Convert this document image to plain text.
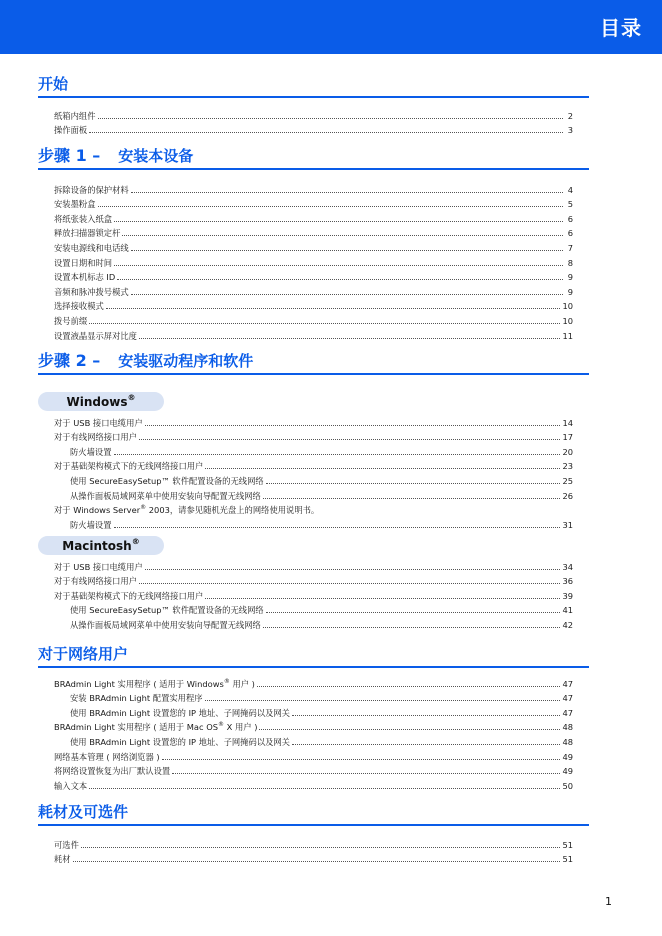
目录
开始
纸箱内组件	2
操作面板	3
步骤 1 – 安装本设备
拆除设备的保护材料	4
安装墨粉盒	5
将纸张装入纸盒	6
释放扫描器锁定杆	6
安装电源线和电话线	7
设置日期和时间	8
设置本机标志 ID	9
音频和脉冲拨号模式	9
选择接收模式	10
拨号前缀	10
设置液晶显示屏对比度	11
步骤 2 – 安装驱动程序和软件
Windows®
对于 USB 接口电缆用户	14
对于有线网络接口用户	17
防火墙设置	20
对于基础架构模式下的无线网络接口用户	23
使用 SecureEasySetup™ 软件配置设备的无线网络	25
从操作面板局域网菜单中使用安装向导配置无线网络	26
对于 Windows Server® 2003，请参见随机光盘上的网络使用说明书。
防火墙设置	31
Macintosh®
对于 USB 接口电缆用户	34
对于有线网络接口用户	36
对于基础架构模式下的无线网络接口用户	39
使用 SecureEasySetup™ 软件配置设备的无线网络	41
从操作面板局域网菜单中使用安装向导配置无线网络	42
对于网络用户
BRAdmin Light 实用程序 ( 适用于 Windows® 用户 )	47
安装 BRAdmin Light 配置实用程序	47
使用 BRAdmin Light 设置您的 IP 地址、子网掩码以及网关	47
BRAdmin Light 实用程序 ( 适用于 Mac OS® X 用户 )	48
使用 BRAdmin Light 设置您的 IP 地址、子网掩码以及网关	48
网络基本管理 ( 网络浏览器 )	49
将网络设置恢复为出厂默认设置	49
输入文本	50
耗材及可选件
可选件	51
耗材	51
1
